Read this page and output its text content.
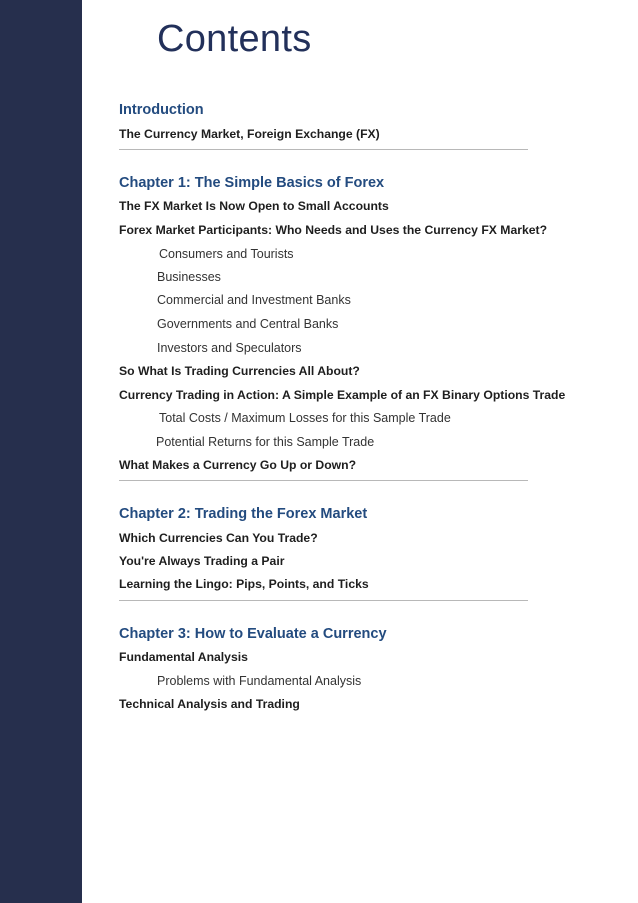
Contents
Introduction
The Currency Market, Foreign Exchange (FX)
Chapter 1: The Simple Basics of Forex
The FX Market Is Now Open to Small Accounts
Forex Market Participants: Who Needs and Uses the Currency FX Market?
Consumers and Tourists
Businesses
Commercial and Investment Banks
Governments and Central Banks
Investors and Speculators
So What Is Trading Currencies All About?
Currency Trading in Action: A Simple Example of an FX Binary Options Trade
Total Costs / Maximum Losses for this Sample Trade
Potential Returns for this Sample Trade
What Makes a Currency Go Up or Down?
Chapter 2: Trading the Forex Market
Which Currencies Can You Trade?
You're Always Trading a Pair
Learning the Lingo: Pips, Points, and Ticks
Chapter 3: How to Evaluate a Currency
Fundamental Analysis
Problems with Fundamental Analysis
Technical Analysis and Trading
